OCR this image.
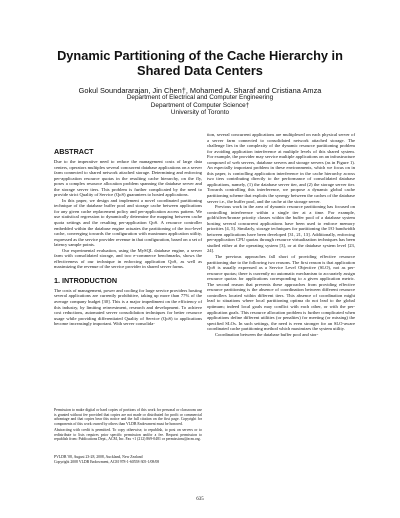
Dynamic Partitioning of the Cache Hierarchy in
Shared Data Centers
Gokul Soundararajan, Jin Chen†, Mohamed A. Sharaf and Cristiana Amza
Department of Electrical and Computer Engineering
Department of Computer Science†
University of Toronto
ABSTRACT

Due to the imperative need to reduce the management costs of large data centers, operators multiplex several concurrent database applications on a server farm connected to shared network attached storage. Determining and enforcing per-application resource quotas in the resulting cache hierarchy, on the fly, poses a complex resource allocation problem spanning the database server and the storage server tiers. This problem is further complicated by the need to provide strict Quality of Service (QoS) guarantees to hosted applications.

In this paper, we design and implement a novel coordinated partitioning technique of the database buffer pool and storage cache between applications for any given cache replacement policy and per-application access pattern. We use statistical regression to dynamically determine the mapping between cache quota settings and the resulting per-application QoS. A resource controller embedded within the database engine actuates the partitioning of the two-level cache, converging towards the configuration with maximum application utility, expressed as the service provider revenue in that configuration, based on a set of latency sample points.

Our experimental evaluation, using the MySQL database engine, a server farm with consolidated storage, and two e-commerce benchmarks, shows the effectiveness of our technique in enforcing application QoS, as well as maximizing the revenue of the service provider in shared server farms.

1. INTRODUCTION

The costs of management, power and cooling for large service providers hosting several applications are currently prohibitive, taking up more than 77% of the average company budget [30]. This is a major impediment on the efficiency of this industry, by limiting reinvestment, research and development. To achieve cost reductions, automated server consolidation techniques for better resource usage while providing differentiated Quality of Service (QoS) to applications become increasingly important. With server consolida-

Permission to make digital or hard copies of portions of this work for personal or classroom use is granted without fee provided that copies are not made or distributed for profit or commercial advantage and that copies bear this notice and the full citation on the first page. Copyright for components of this work owned by others than VLDB Endowment must be honored.

Abstracting with credit is permitted. To copy otherwise, to republish, to post on servers or to redistribute to lists requires prior specific permission and/or a fee. Request permission to republish from: Publications Dept., ACM, Inc. Fax +1 (212) 869-0481 or permissions@acm.org.

PVLDB '08, August 23-28, 2008, Auckland, New Zealand
Copyright 2008 VLDB Endowment, ACM 978-1-60558-305-1/08/08

tion, several concurrent applications are multiplexed on each physical server of a server farm connected to consolidated network attached storage. The challenge lies in the complexity of the dynamic resource partitioning problem for avoiding application interference at multiple levels of this shared system. For example, the provider may service multiple applications on an infrastructure composed of web servers, database servers and storage servers (as in Figure 1). An especially important problem in these environments, which we focus on in this paper, is controlling application interference in the cache hierarchy across two tiers contributing directly to the performance of consolidated database applications, namely, (1) the database server tier, and (2) the storage server tier. Towards controlling this interference, we propose a dynamic global cache partitioning scheme that exploits the synergy between the caches of the database server i.e., the buffer pool, and the cache at the storage server.

Previous work in the area of dynamic resource partitioning has focused on controlling interference within a single tier at a time. For example, gold/silver/bronze priority classes within the buffer pool of a database system hosting several concurrent applications have been used to enforce memory priorities [4, 5]. Similarly, storage techniques for partitioning the I/O bandwidth between applications have been developed [31, 21, 13]. Additionally, enforcing per-application CPU quotas through resource virtualization techniques has been studied either at the operating system [3], or at the database system level [23, 24].

The previous approaches fall short of providing effective resource partitioning due to the following two reasons. The first reason is that application QoS is usually expressed as a Service Level Objective (SLO), not as per-resource quotas; there is currently no automatic mechanism to accurately assign resource quotas for applications corresponding to a given application metric. The second reason that prevents these approaches from providing effective resource partitioning is the absence of coordination between different resource controllers located within different tiers. This absence of coordination might lead to situations where local partitioning optima do not lead to the global optimum; indeed local goals may conflict with each other, or with the per-application goals. This resource allocation problem is further complicated when applications define different utilities (or penalties) for meeting (or missing) the specified SLOs. In such settings, the need is even stronger for an SLO-aware coordinated cache partitioning method which maximizes the system utility.

Coordination between the database buffer pool and stor-

635
